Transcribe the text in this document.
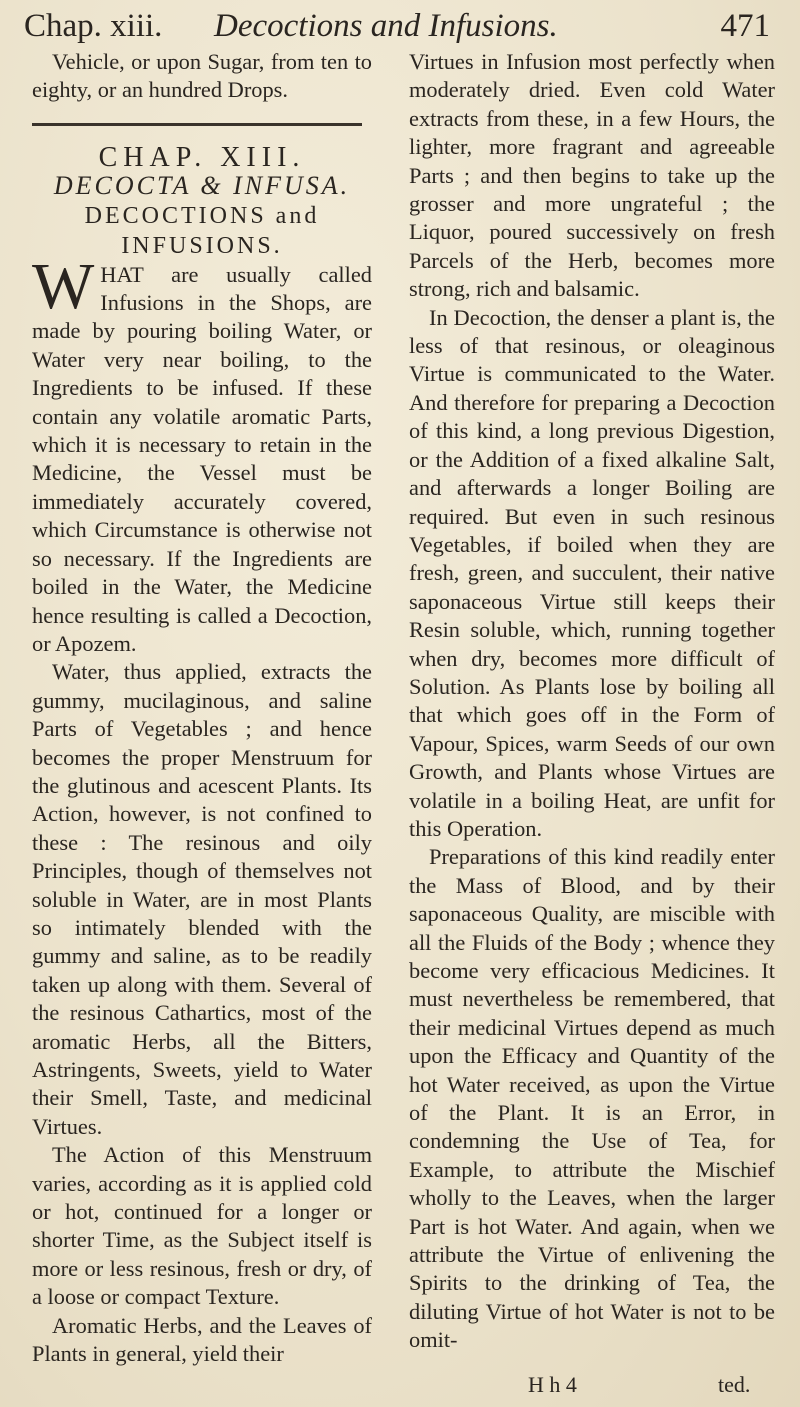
Chap. xiii. Decoctions and Infusions.	471

Vehicle, or upon Sugar, from ten to eighty, or an hundred Drops.

CHAP. XIII.

DECOCTA & INFUSA.

DECOCTIONS and INFUSIONS.

WHAT are usually called Infusions in the Shops, are made by pouring boiling Water, or Water very near boiling, to the Ingredients to be infused. If these contain any volatile aromatic Parts, which it is necessary to retain in the Medicine, the Vessel must be immediately accurately covered, which Circumstance is otherwise not so necessary. If the Ingredients are boiled in the Water, the Medicine hence resulting is called a Decoction, or Apozem.

Water, thus applied, extracts the gummy, mucilaginous, and saline Parts of Vegetables ; and hence becomes the proper Menstruum for the glutinous and acescent Plants. Its Action, however, is not confined to these : The resinous and oily Principles, though of themselves not soluble in Water, are in most Plants so intimately blended with the gummy and saline, as to be readily taken up along with them. Several of the resinous Cathartics, most of the aromatic Herbs, all the Bitters, Astringents, Sweets, yield to Water their Smell, Taste, and medicinal Virtues.

The Action of this Menstruum varies, according as it is applied cold or hot, continued for a longer or shorter Time, as the Subject itself is more or less resinous, fresh or dry, of a loose or compact Texture.

Aromatic Herbs, and the Leaves of Plants in general, yield their

Virtues in Infusion most perfectly when moderately dried. Even cold Water extracts from these, in a few Hours, the lighter, more fragrant and agreeable Parts ; and then begins to take up the grosser and more ungrateful ; the Liquor, poured successively on fresh Parcels of the Herb, becomes more strong, rich and balsamic.

In Decoction, the denser a plant is, the less of that resinous, or oleaginous Virtue is communicated to the Water. And therefore for preparing a Decoction of this kind, a long previous Digestion, or the Addition of a fixed alkaline Salt, and afterwards a longer Boiling are required. But even in such resinous Vegetables, if boiled when they are fresh, green, and succulent, their native saponaceous Virtue still keeps their Resin soluble, which, running together when dry, becomes more difficult of Solution. As Plants lose by boiling all that which goes off in the Form of Vapour, Spices, warm Seeds of our own Growth, and Plants whose Virtues are volatile in a boiling Heat, are unfit for this Operation.

Preparations of this kind readily enter the Mass of Blood, and by their saponaceous Quality, are miscible with all the Fluids of the Body ; whence they become very efficacious Medicines. It must nevertheless be remembered, that their medicinal Virtues depend as much upon the Efficacy and Quantity of the hot Water received, as upon the Virtue of the Plant. It is an Error, in condemning the Use of Tea, for Example, to attribute the Mischief wholly to the Leaves, when the larger Part is hot Water. And again, when we attribute the Virtue of enlivening the Spirits to the drinking of Tea, the diluting Virtue of hot Water is not to be omit-

H h 4	ted.
